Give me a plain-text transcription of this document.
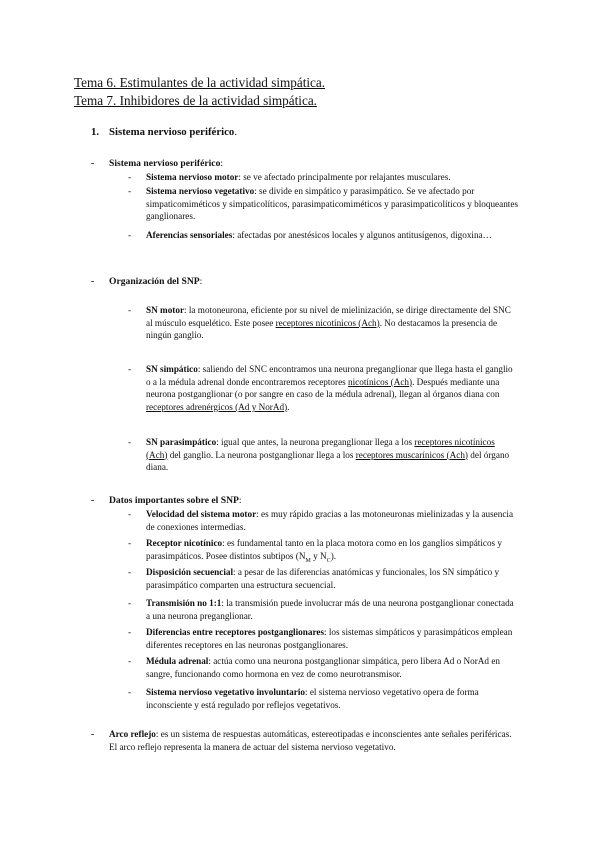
Tema 6. Estimulantes de la actividad simpática.
Tema 7. Inhibidores de la actividad simpática.
1. Sistema nervioso periférico.
- Sistema nervioso periférico:
- Sistema nervioso motor: se ve afectado principalmente por relajantes musculares.
- Sistema nervioso vegetativo: se divide en simpático y parasimpático. Se ve afectado por simpaticomiméticos y simpaticolíticos, parasimpaticomiméticos y parasimpaticolíticos y bloqueantes ganglionares.
- Aferencias sensoriales: afectadas por anestésicos locales y algunos antitusígenos, digoxina…
- Organización del SNP:
- SN motor: la motoneurona, eficiente por su nivel de mielinización, se dirige directamente del SNC al músculo esquelético. Este posee receptores nicotínicos (Ach). No destacamos la presencia de ningún ganglio.
- SN simpático: saliendo del SNC encontramos una neurona preganglionar que llega hasta el ganglio o a la médula adrenal donde encontraremos receptores nicotínicos (Ach). Después mediante una neurona postganglionar (o por sangre en caso de la médula adrenal), llegan al órganos diana con receptores adrenérgicos (Ad y NorAd).
- SN parasimpático: igual que antes, la neurona preganglionar llega a los receptores nicotínicos (Ach) del ganglio. La neurona postganglionar llega a los receptores muscarínicos (Ach) del órgano diana.
- Datos importantes sobre el SNP:
- Velocidad del sistema motor: es muy rápido gracias a las motoneuronas mielinizadas y la ausencia de conexiones intermedias.
- Receptor nicotínico: es fundamental tanto en la placa motora como en los ganglios simpáticos y parasimpáticos. Posee distintos subtipos ($N_M$ y $N_C$).
- Disposición secuencial: a pesar de las diferencias anatómicas y funcionales, los SN simpático y parasimpático comparten una estructura secuencial.
- Transmisión no 1:1: la transmisión puede involucrar más de una neurona postganglionar conectada a una neurona preganglionar.
- Diferencias entre receptores postganglionares: los sistemas simpáticos y parasimpáticos emplean diferentes receptores en las neuronas postganglionares.
- Médula adrenal: actúa como una neurona postganglionar simpática, pero libera Ad o NorAd en sangre, funcionando como hormona en vez de como neurotransmisor.
- Sistema nervioso vegetativo involuntario: el sistema nervioso vegetativo opera de forma inconsciente y está regulado por reflejos vegetativos.
- Arco reflejo: es un sistema de respuestas automáticas, estereotipadas e inconscientes ante señales periféricas. El arco reflejo representa la manera de actuar del sistema nervioso vegetativo.
